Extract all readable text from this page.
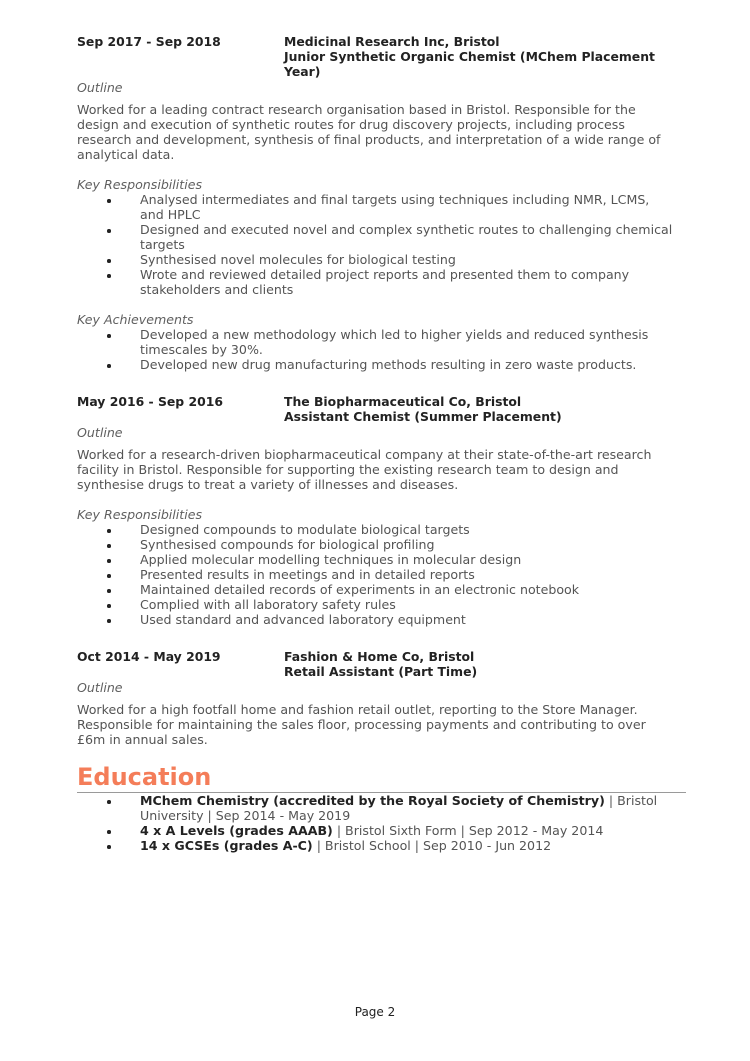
Sep 2017 - Sep 2018	Medicinal Research Inc, Bristol
Junior Synthetic Organic Chemist (MChem Placement Year)
Outline
Worked for a leading contract research organisation based in Bristol. Responsible for the design and execution of synthetic routes for drug discovery projects, including process research and development, synthesis of final products, and interpretation of a wide range of analytical data.
Key Responsibilities
Analysed intermediates and final targets using techniques including NMR, LCMS, and HPLC
Designed and executed novel and complex synthetic routes to challenging chemical targets
Synthesised novel molecules for biological testing
Wrote and reviewed detailed project reports and presented them to company stakeholders and clients
Key Achievements
Developed a new methodology which led to higher yields and reduced synthesis timescales by 30%.
Developed new drug manufacturing methods resulting in zero waste products.
May 2016 - Sep 2016	The Biopharmaceutical Co, Bristol
Assistant Chemist (Summer Placement)
Outline
Worked for a research-driven biopharmaceutical company at their state-of-the-art research facility in Bristol. Responsible for supporting the existing research team to design and synthesise drugs to treat a variety of illnesses and diseases.
Key Responsibilities
Designed compounds to modulate biological targets
Synthesised compounds for biological profiling
Applied molecular modelling techniques in molecular design
Presented results in meetings and in detailed reports
Maintained detailed records of experiments in an electronic notebook
Complied with all laboratory safety rules
Used standard and advanced laboratory equipment
Oct 2014 - May 2019	Fashion & Home Co, Bristol
Retail Assistant (Part Time)
Outline
Worked for a high footfall home and fashion retail outlet, reporting to the Store Manager. Responsible for maintaining the sales floor, processing payments and contributing to over £6m in annual sales.
Education
MChem Chemistry (accredited by the Royal Society of Chemistry) | Bristol University | Sep 2014 - May 2019
4 x A Levels (grades AAAB) | Bristol Sixth Form | Sep 2012 - May 2014
14 x GCSEs (grades A-C) | Bristol School | Sep 2010 - Jun 2012
Page 2
